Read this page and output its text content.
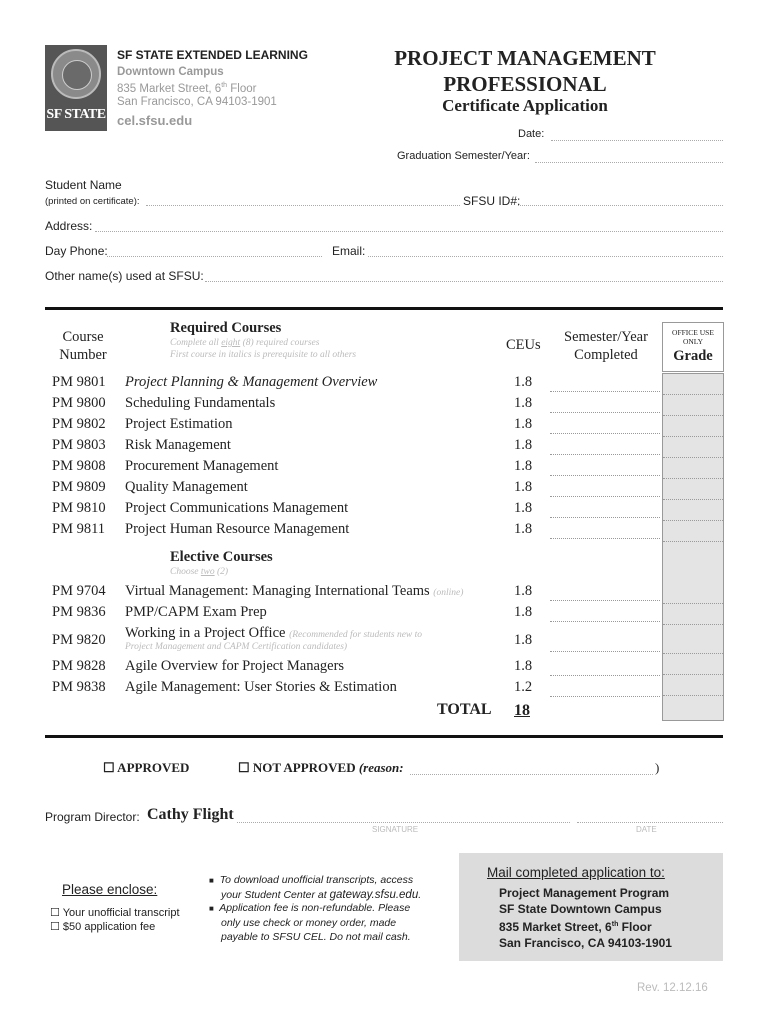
SF STATE
SF STATE EXTENDED LEARNING
Downtown Campus
835 Market Street, 6th Floor
San Francisco, CA 94103-1901
cel.sfsu.edu
PROJECT MANAGEMENT
PROFESSIONAL
Certificate Application
Date:
Graduation Semester/Year:
Student Name
(printed on certificate):	SFSU ID#:
Address:
Day Phone:	Email:
Other name(s) used at SFSU:
Course
Number
Required Courses
Complete all eight (8) required courses
First course in italics is prerequisite to all others
CEUs	Semester/Year
Completed
OFFICE USE
ONLY
Grade
PM 9801 Project Planning & Management Overview	1.8
PM 9800 Scheduling Fundamentals	1.8
PM 9802 Project Estimation	1.8
PM 9803 Risk Management	1.8
PM 9808 Procurement Management	1.8
PM 9809 Quality Management	1.8
PM 9810 Project Communications Management	1.8
PM 9811 Project Human Resource Management	1.8
Elective Courses
Choose two (2)
PM 9704 Virtual Management: Managing International Teams (online)	1.8
PM 9836 PMP/CAPM Exam Prep	1.8
PM 9820 Working in a Project Office (Recommended for students new to
Project Management and CAPM Certification candidates)	1.8
PM 9828 Agile Overview for Project Managers	1.8
PM 9838 Agile Management: User Stories & Estimation	1.2
TOTAL 18
☐ APPROVED	☐ NOT APPROVED (reason:	)
Program Director: Cathy Flight
SIGNATURE	DATE
Please enclose:
☐ Your unofficial transcript
☐ $50 application fee
■ To download unofficial transcripts, access
your Student Center at gateway.sfsu.edu.
■ Application fee is non-refundable. Please
only use check or money order, made
payable to SFSU CEL. Do not mail cash.
Mail completed application to:
Project Management Program
SF State Downtown Campus
835 Market Street, 6th Floor
San Francisco, CA 94103-1901
Rev. 12.12.16
